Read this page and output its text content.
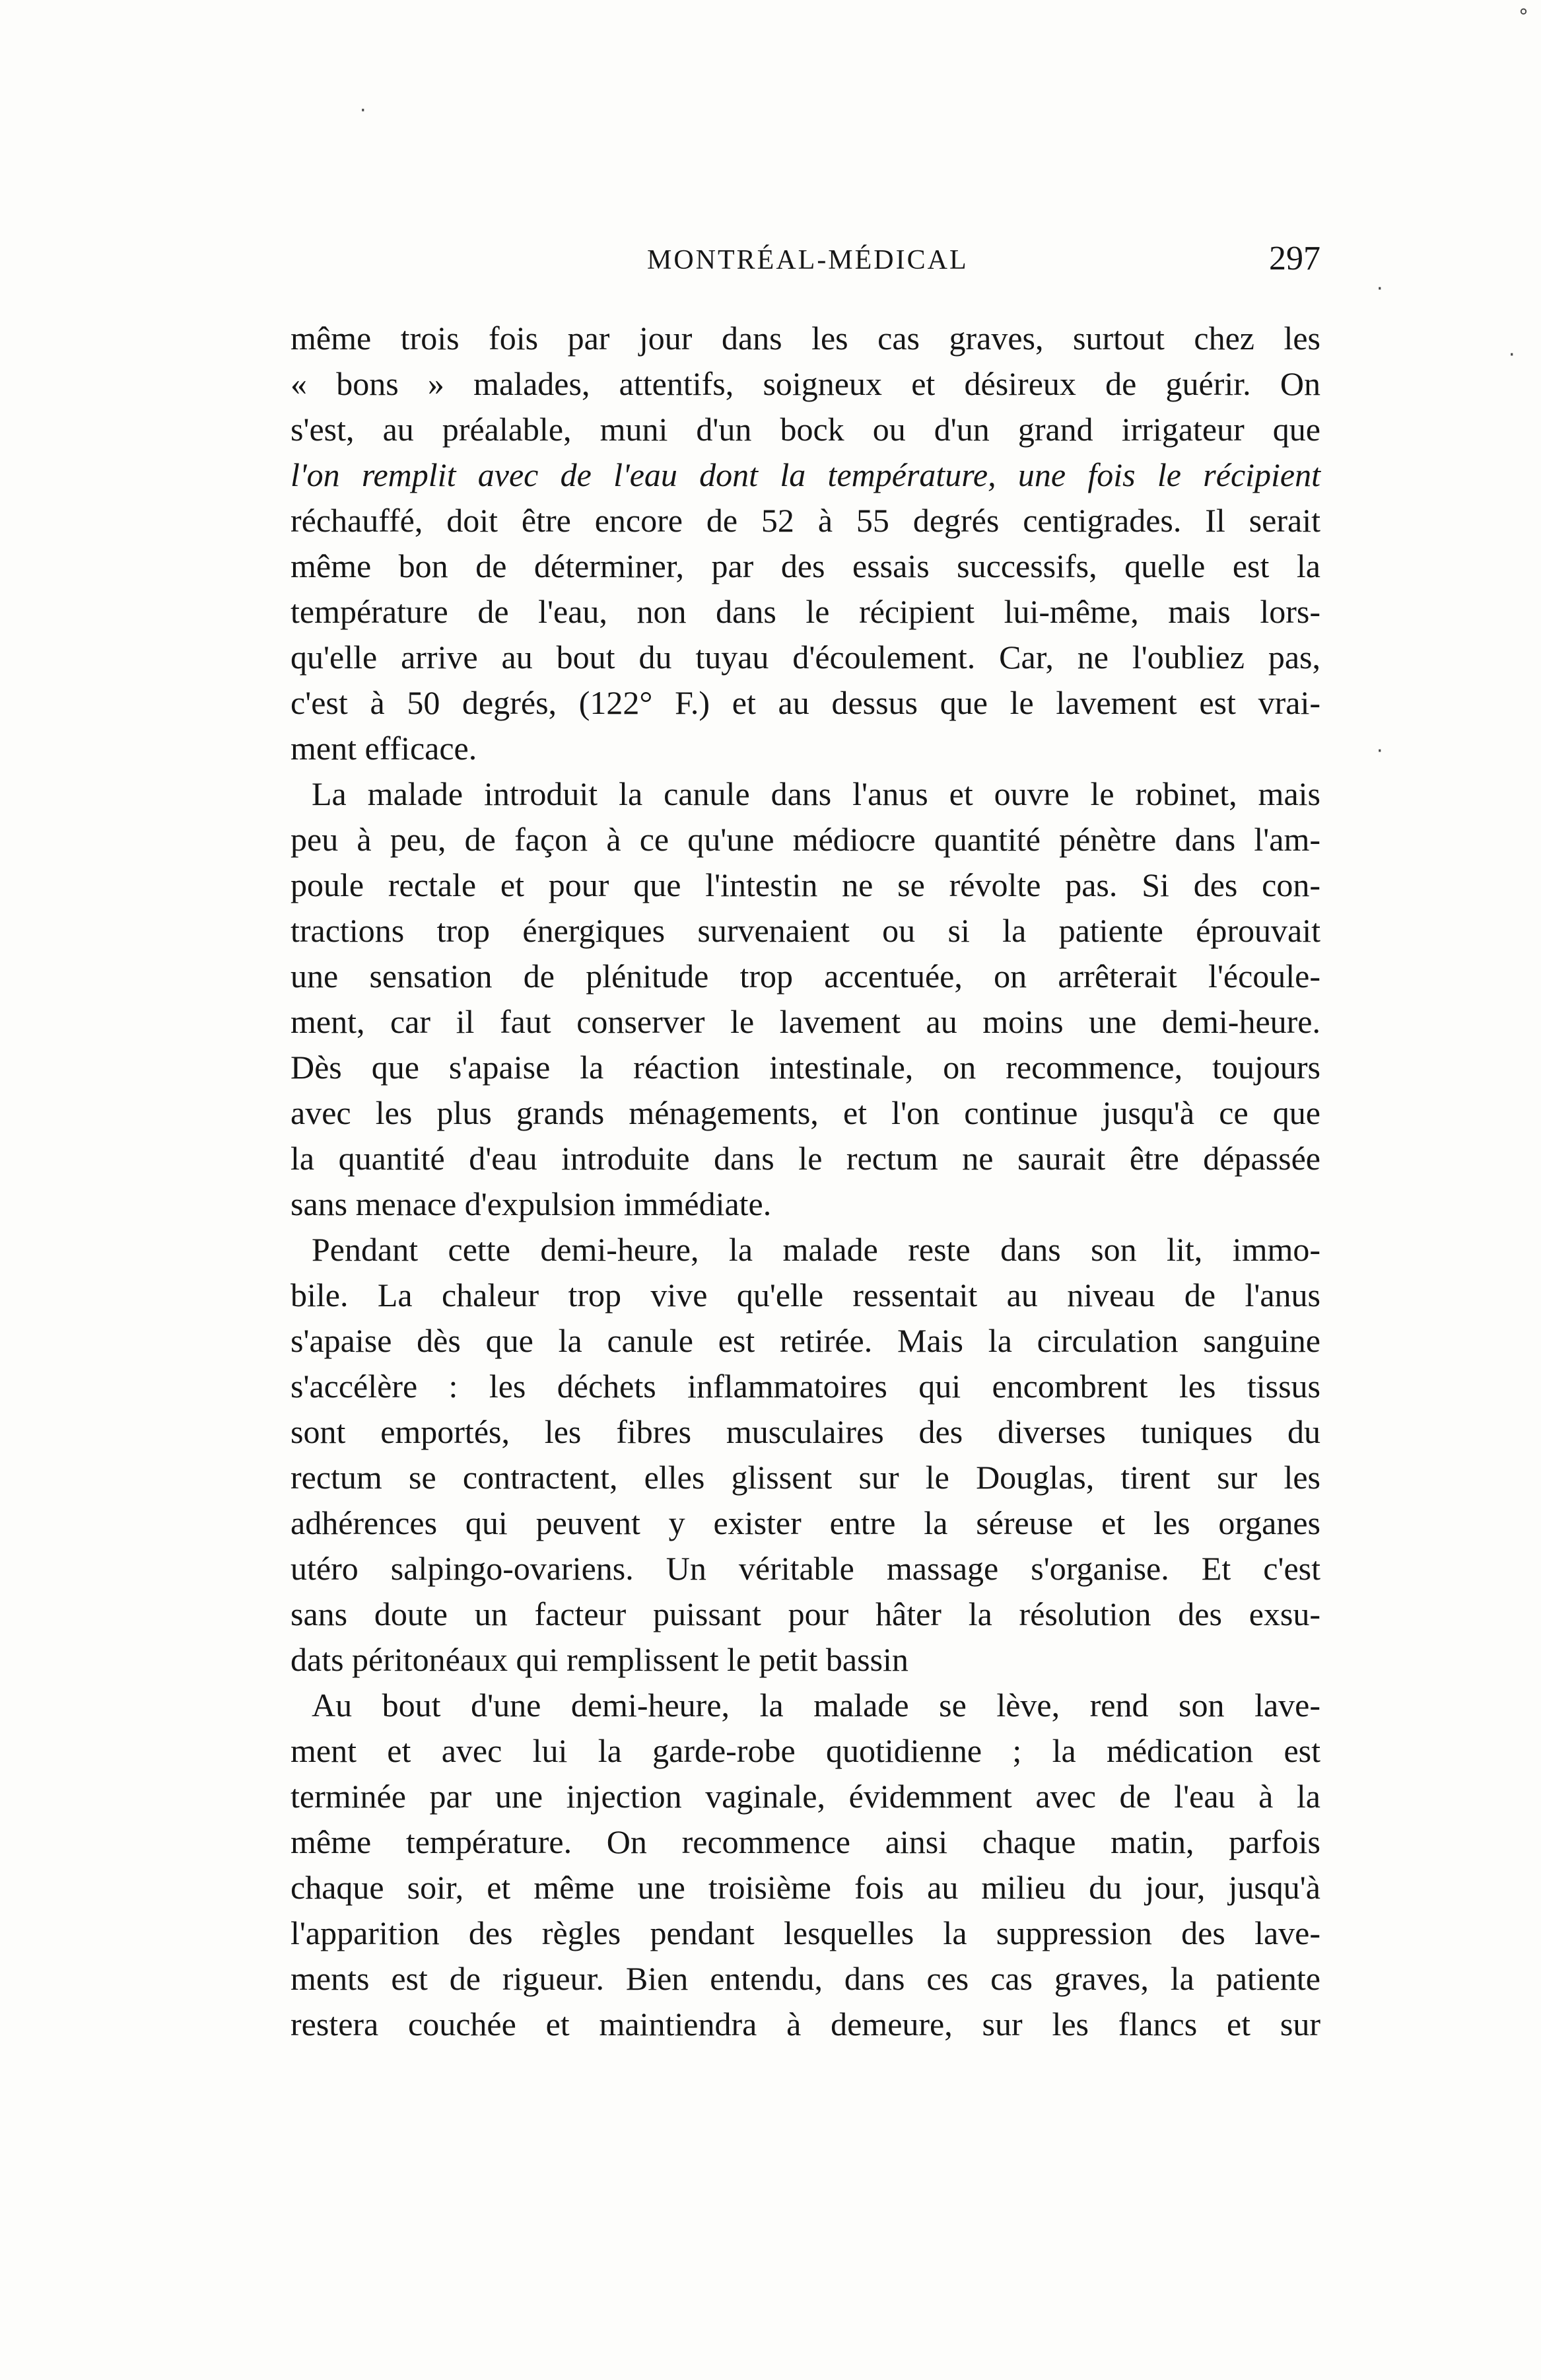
°
·
·
·
·
MONTRÉAL-MÉDICAL	297
même trois fois par jour dans les cas graves, surtout chez les
« bons » malades, attentifs, soigneux et désireux de guérir. On
s'est, au préalable, muni d'un bock ou d'un grand irrigateur que
l'on remplit avec de l'eau dont la température, une fois le récipient
réchauffé, doit être encore de 52 à 55 degrés centigrades. Il serait
même bon de déterminer, par des essais successifs, quelle est la
température de l'eau, non dans le récipient lui-même, mais lors-
qu'elle arrive au bout du tuyau d'écoulement. Car, ne l'oubliez pas,
c'est à 50 degrés, (122° F.) et au dessus que le lavement est vrai-
ment efficace.
La malade introduit la canule dans l'anus et ouvre le robinet, mais
peu à peu, de façon à ce qu'une médiocre quantité pénètre dans l'am-
poule rectale et pour que l'intestin ne se révolte pas. Si des con-
tractions trop énergiques survenaient ou si la patiente éprouvait
une sensation de plénitude trop accentuée, on arrêterait l'écoule-
ment, car il faut conserver le lavement au moins une demi-heure.
Dès que s'apaise la réaction intestinale, on recommence, toujours
avec les plus grands ménagements, et l'on continue jusqu'à ce que
la quantité d'eau introduite dans le rectum ne saurait être dépassée
sans menace d'expulsion immédiate.
Pendant cette demi-heure, la malade reste dans son lit, immo-
bile. La chaleur trop vive qu'elle ressentait au niveau de l'anus
s'apaise dès que la canule est retirée. Mais la circulation sanguine
s'accélère : les déchets inflammatoires qui encombrent les tissus
sont emportés, les fibres musculaires des diverses tuniques du
rectum se contractent, elles glissent sur le Douglas, tirent sur les
adhérences qui peuvent y exister entre la séreuse et les organes
utéro salpingo-ovariens. Un véritable massage s'organise. Et c'est
sans doute un facteur puissant pour hâter la résolution des exsu-
dats péritonéaux qui remplissent le petit bassin
Au bout d'une demi-heure, la malade se lève, rend son lave-
ment et avec lui la garde-robe quotidienne ; la médication est
terminée par une injection vaginale, évidemment avec de l'eau à la
même température. On recommence ainsi chaque matin, parfois
chaque soir, et même une troisième fois au milieu du jour, jusqu'à
l'apparition des règles pendant lesquelles la suppression des lave-
ments est de rigueur. Bien entendu, dans ces cas graves, la patiente
restera couchée et maintiendra à demeure, sur les flancs et sur
